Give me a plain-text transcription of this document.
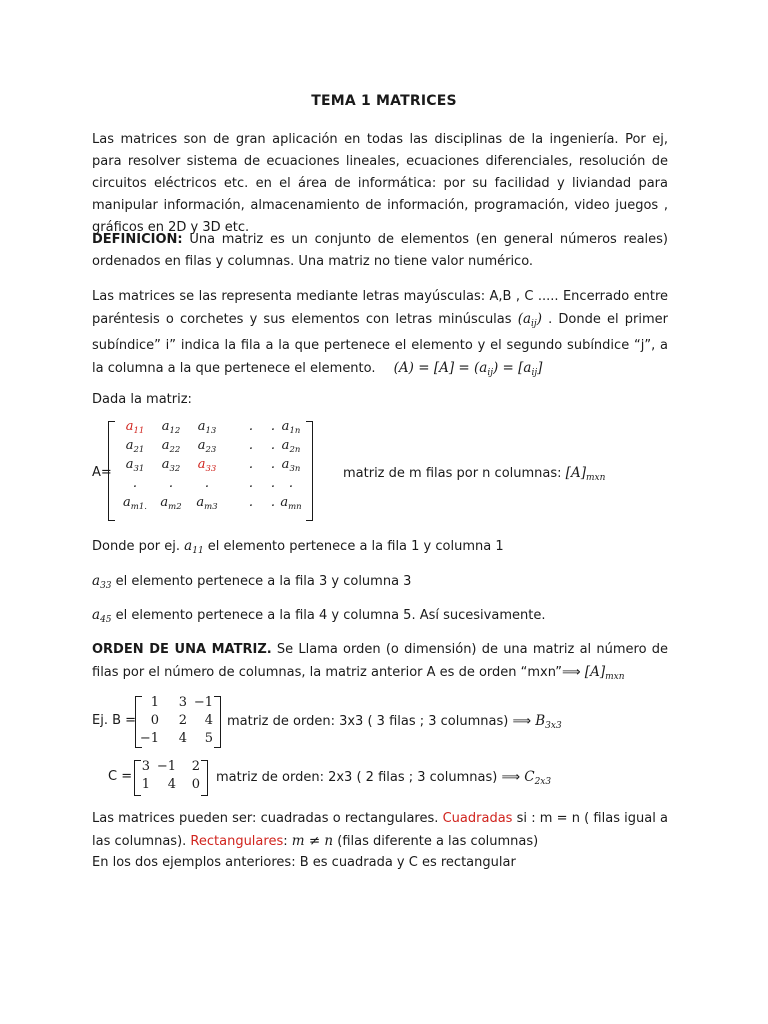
TEMA 1 MATRICES

Las matrices son de gran aplicación en todas las disciplinas de la ingeniería. Por ej, para resolver sistema de ecuaciones lineales, ecuaciones diferenciales, resolución de circuitos eléctricos etc. en el área de informática: por su facilidad y liviandad para manipular información, almacenamiento de información, programación, video juegos , gráficos en 2D y 3D etc.

DEFINICION: Una matriz es un conjunto de elementos (en general números reales) ordenados en filas y columnas. Una matriz no tiene valor numérico.

Las matrices se las representa mediante letras mayúsculas: A,B , C ..... Encerrado entre paréntesis o corchetes y sus elementos con letras minúsculas $(a_{ij})$ . Donde el primer subíndice” i” indica la fila a la que pertenece el elemento y el segundo subíndice “j”, a la columna a la que pertenece el elemento. $(A) = [A] = (a_{ij}) = [a_{ij}]$

Dada la matriz:
A=
$a_{11}$	$a_{12}$	$a_{13}$	.	. $a_{1n}$
$a_{21}$	$a_{22}$	$a_{23}$	.	. $a_{2n}$
$a_{31}$	$a_{32}$	$a_{33}$	.	. $a_{3n}$
.	.	.	.	.	.
$a_{m1.}$	$a_{m2}$	$a_{m3}$	.	. $a_{mn}$
matriz de m filas por n columnas: $[A]_{mxn}$
Donde por ej. $a_{11}$ el elemento pertenece a la fila 1 y columna 1
$a_{33}$ el elemento pertenece a la fila 3 y columna 3
$a_{45}$ el elemento pertenece a la fila 4 y columna 5. Así sucesivamente.

ORDEN DE UNA MATRIZ. Se Llama orden (o dimensión) de una matriz al número de filas por el número de columnas, la matriz anterior A es de orden “mxn”⟹ $[A]_{mxn}$

Ej. B =
1	3 −1
0	2	4
−1	4	5
matriz de orden: 3x3 ( 3 filas ; 3 columnas) ⟹ $B_{3x3}$
C =
3 −1	2
1	4	0 matriz de orden: 2x3 ( 2 filas ; 3 columnas) ⟹ $C_{2x3}$

Las matrices pueden ser: cuadradas o rectangulares. Cuadradas si : m = n ( filas igual a las columnas). Rectangulares: m ≠ n (filas diferente a las columnas)

En los dos ejemplos anteriores: B es cuadrada y C es rectangular
